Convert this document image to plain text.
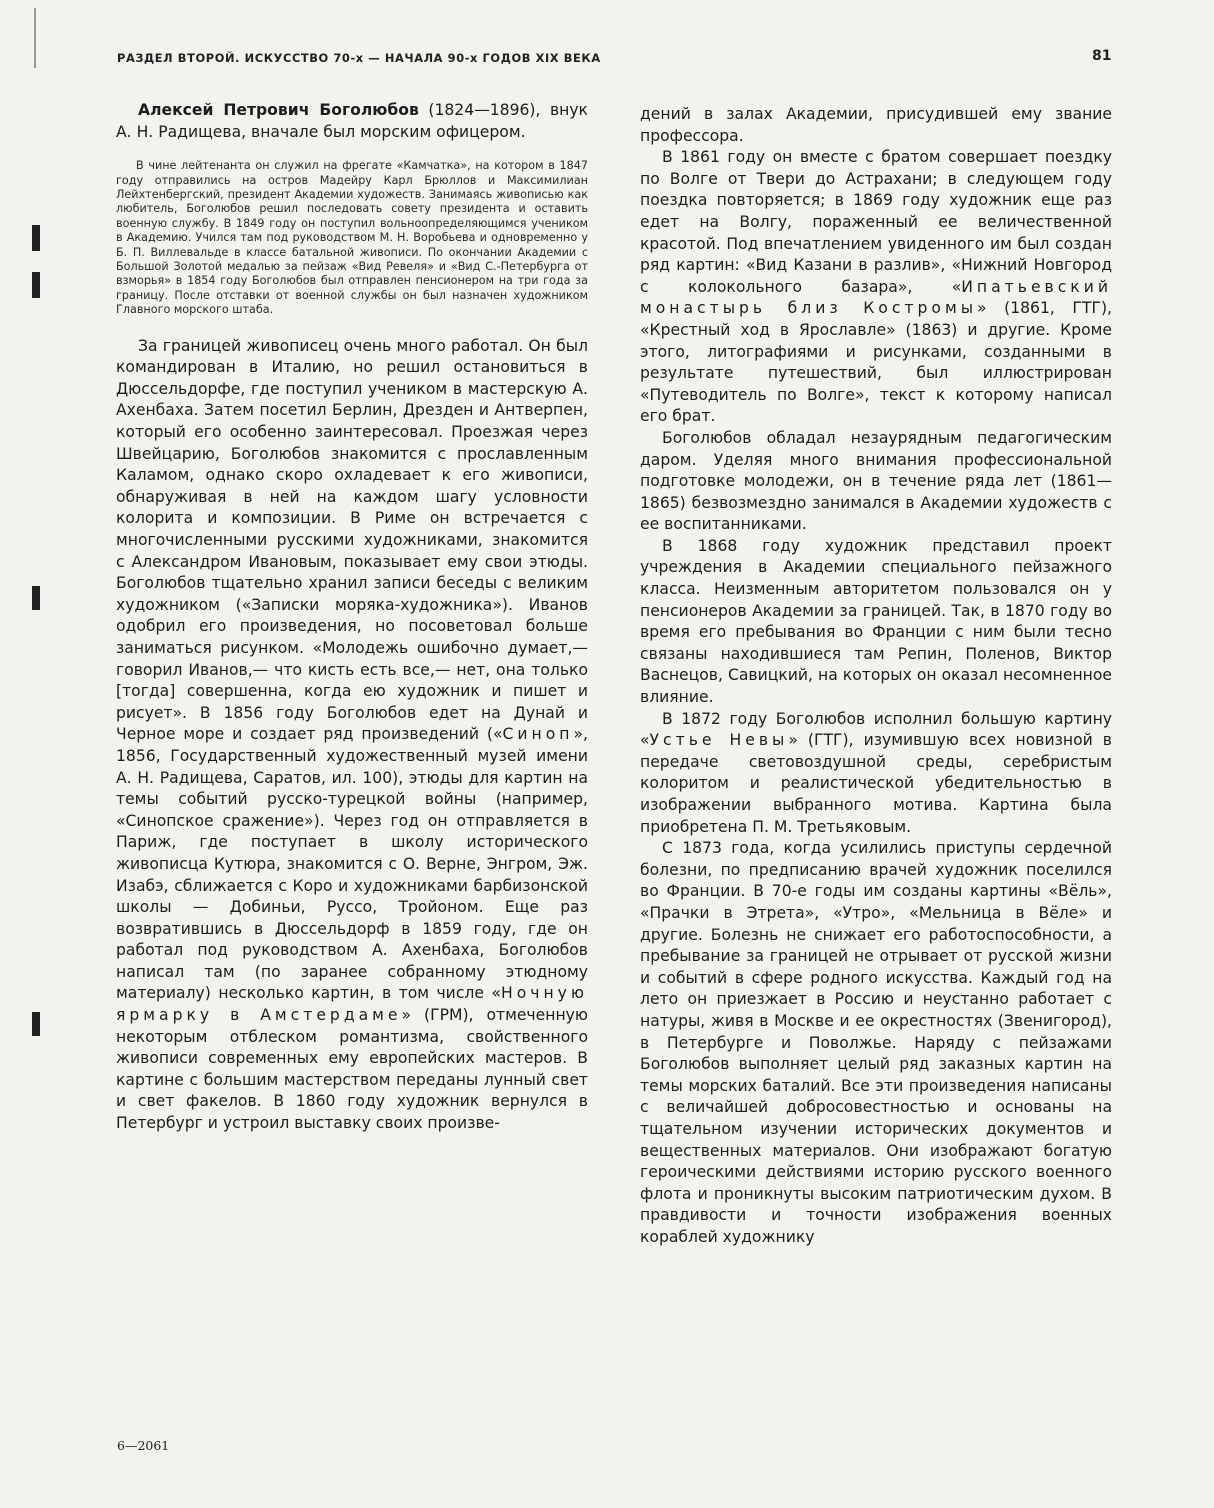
РАЗДЕЛ ВТОРОЙ. ИСКУССТВО 70-х — НАЧАЛА 90-х ГОДОВ XIX ВЕКА	81

Алексей Петрович Боголюбов (1824—1896), внук А. Н. Радищева, вначале был морским офицером.

В чине лейтенанта он служил на фрегате «Камчатка», на котором в 1847 году отправились на остров Мадейру Карл Брюллов и Максимилиан Лейхтенбергский, президент Академии художеств. Занимаясь живописью как любитель, Боголюбов решил последовать совету президента и оставить военную службу. В 1849 году он поступил вольноопределяющимся учеником в Академию. Учился там под руководством М. Н. Воробьева и одновременно у Б. П. Виллевальде в классе батальной живописи. По окончании Академии с Большой Золотой медалью за пейзаж «Вид Ревеля» и «Вид С.-Петербурга от взморья» в 1854 году Боголюбов был отправлен пенсионером на три года за границу. После отставки от военной службы он был назначен художником Главного морского штаба.

За границей живописец очень много работал. Он был командирован в Италию, но решил остановиться в Дюссельдорфе, где поступил учеником в мастерскую А. Ахенбаха. Затем посетил Берлин, Дрезден и Антверпен, который его особенно заинтересовал. Проезжая через Швейцарию, Боголюбов знакомится с прославленным Каламом, однако скоро охладевает к его живописи, обнаруживая в ней на каждом шагу условности колорита и композиции. В Риме он встречается с многочисленными русскими художниками, знакомится с Александром Ивановым, показывает ему свои этюды. Боголюбов тщательно хранил записи беседы с великим художником («Записки моряка-художника»). Иванов одобрил его произведения, но посоветовал больше заниматься рисунком. «Молодежь ошибочно думает,— говорил Иванов,— что кисть есть все,— нет, она только [тогда] совершенна, когда ею художник и пишет и рисует». В 1856 году Боголюбов едет на Дунай и Черное море и создает ряд произведений («Синоп», 1856, Государственный художественный музей имени А. Н. Радищева, Саратов, ил. 100), этюды для картин на темы событий русско-турецкой войны (например, «Синопское сражение»). Через год он отправляется в Париж, где поступает в школу исторического живописца Кутюра, знакомится с О. Верне, Энгром, Эж. Изабэ, сближается с Коро и художниками барбизонской школы — Добиньи, Руссо, Тройоном. Еще раз возвратившись в Дюссельдорф в 1859 году, где он работал под руководством А. Ахенбаха, Боголюбов написал там (по заранее собранному этюдному материалу) несколько картин, в том числе «Ночную ярмарку в Амстердаме» (ГРМ), отмеченную некоторым отблеском романтизма, свойственного живописи современных ему европейских мастеров. В картине с большим мастерством переданы лунный свет и свет факелов. В 1860 году художник вернулся в Петербург и устроил выставку своих произве-

дений в залах Академии, присудившей ему звание профессора.

В 1861 году он вместе с братом совершает поездку по Волге от Твери до Астрахани; в следующем году поездка повторяется; в 1869 году художник еще раз едет на Волгу, пораженный ее величественной красотой. Под впечатлением увиденного им был создан ряд картин: «Вид Казани в разлив», «Нижний Новгород с колокольного базара», «Ипатьевский монастырь близ Костромы» (1861, ГТГ), «Крестный ход в Ярославле» (1863) и другие. Кроме этого, литографиями и рисунками, созданными в результате путешествий, был иллюстрирован «Путеводитель по Волге», текст к которому написал его брат.

Боголюбов обладал незаурядным педагогическим даром. Уделяя много внимания профессиональной подготовке молодежи, он в течение ряда лет (1861—1865) безвозмездно занимался в Академии художеств с ее воспитанниками.

В 1868 году художник представил проект учреждения в Академии специального пейзажного класса. Неизменным авторитетом пользовался он у пенсионеров Академии за границей. Так, в 1870 году во время его пребывания во Франции с ним были тесно связаны находившиеся там Репин, Поленов, Виктор Васнецов, Савицкий, на которых он оказал несомненное влияние.

В 1872 году Боголюбов исполнил большую картину «Устье Невы» (ГТГ), изумившую всех новизной в передаче световоздушной среды, серебристым колоритом и реалистической убедительностью в изображении выбранного мотива. Картина была приобретена П. М. Третьяковым.

С 1873 года, когда усилились приступы сердечной болезни, по предписанию врачей художник поселился во Франции. В 70-е годы им созданы картины «Вёль», «Прачки в Этрета», «Утро», «Мельница в Вёле» и другие. Болезнь не снижает его работоспособности, а пребывание за границей не отрывает от русской жизни и событий в сфере родного искусства. Каждый год на лето он приезжает в Россию и неустанно работает с натуры, живя в Москве и ее окрестностях (Звенигород), в Петербурге и Поволжье. Наряду с пейзажами Боголюбов выполняет целый ряд заказных картин на темы морских баталий. Все эти произведения написаны с величайшей добросовестностью и основаны на тщательном изучении исторических документов и вещественных материалов. Они изображают богатую героическими действиями историю русского военного флота и проникнуты высоким патриотическим духом. В правдивости и точности изображения военных кораблей художнику

6—2061
